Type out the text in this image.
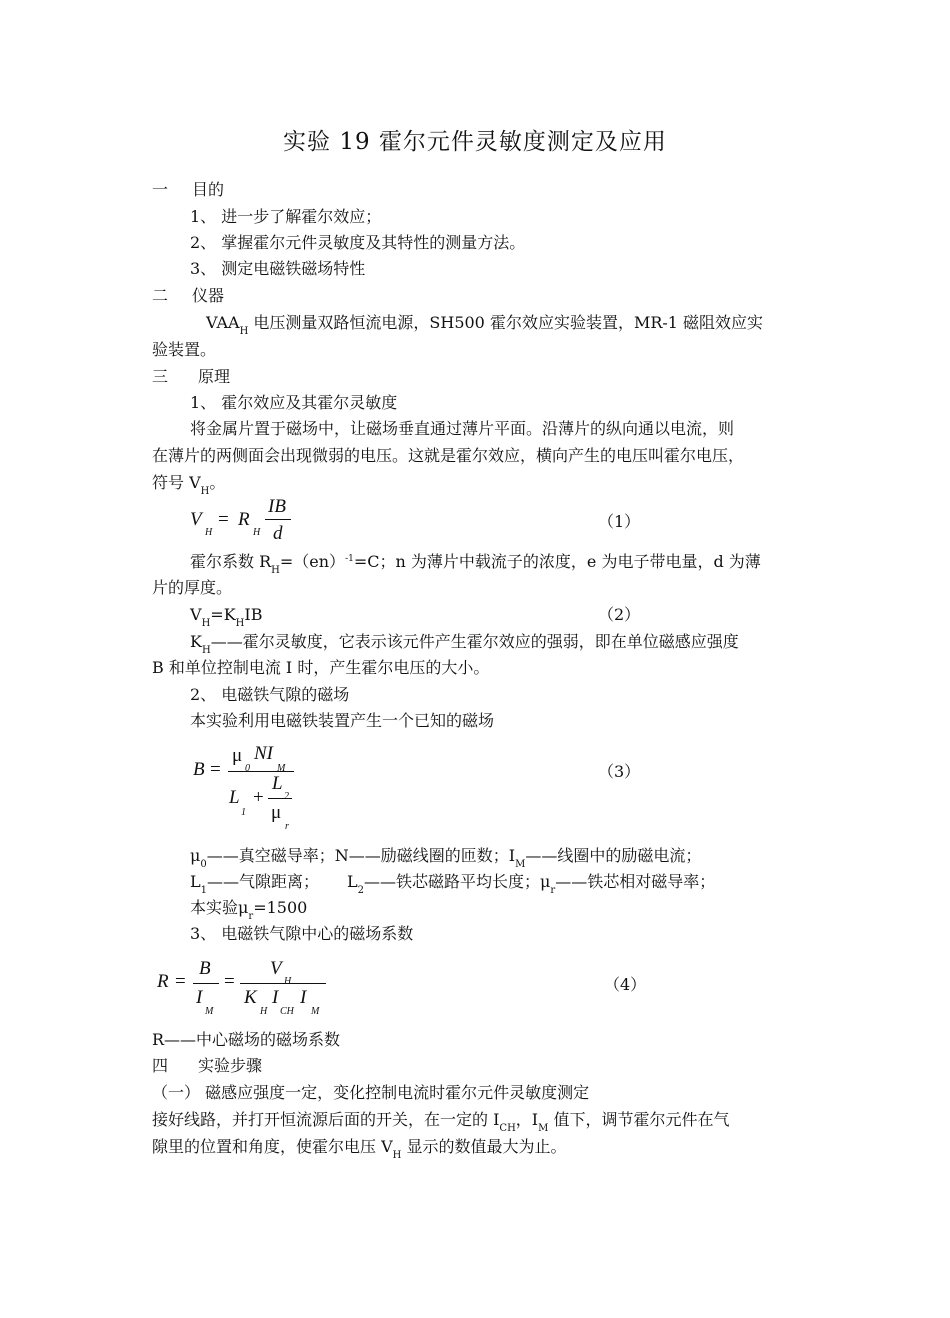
实验 19 霍尔元件灵敏度测定及应用
一 目的
1、 进一步了解霍尔效应；
2、 掌握霍尔元件灵敏度及其特性的测量方法。
3、 测定电磁铁磁场特性
二 仪器
$VAA_H$ 电压测量双路恒流电源，SH500 霍尔效应实验装置，MR-1 磁阻效应实
验装置。
三 原理
1、 霍尔效应及其霍尔灵敏度
将金属片置于磁场中，让磁场垂直通过薄片平面。沿薄片的纵向通以电流，则
在薄片的两侧面会出现微弱的电压。这就是霍尔效应，横向产生的电压叫霍尔电压，
符号 $V_H$。
V
H
= R
H
IB
d
（1）
霍尔系数 $R_H=(en)^{-1}=C$；n 为薄片中载流子的浓度，e 为电子带电量，d 为薄
片的厚度。
$V_H=K_HIB$	（2）
$K_H——$霍尔灵敏度，它表示该元件产生霍尔效应的强弱，即在单位磁感应强度
B 和单位控制电流 I 时，产生霍尔电压的大小。
2、 电磁铁气隙的磁场
本实验利用电磁铁装置产生一个已知的磁场
B =
μ
0
NI
M
L
1
+
L
2
μ
r
（3）
$\mu_0——$真空磁导率；N——励磁线圈的匝数；$I_M——$线圈中的励磁电流；
$L_1——$气隙距离； $L_2——$铁芯磁路平均长度；$\mu_r——$铁芯相对磁导率；
本实验$\mu_r=1500$
3、 电磁铁气隙中心的磁场系数
R =
B
I
M
=
V
H
K
H
I
CH
I
M
（4）
R——中心磁场的磁场系数
四 实验步骤
（一） 磁感应强度一定，变化控制电流时霍尔元件灵敏度测定
接好线路，并打开恒流源后面的开关，在一定的 $I_{CH}$，$I_M$ 值下，调节霍尔元件在气
隙里的位置和角度，使霍尔电压 $V_H$ 显示的数值最大为止。
